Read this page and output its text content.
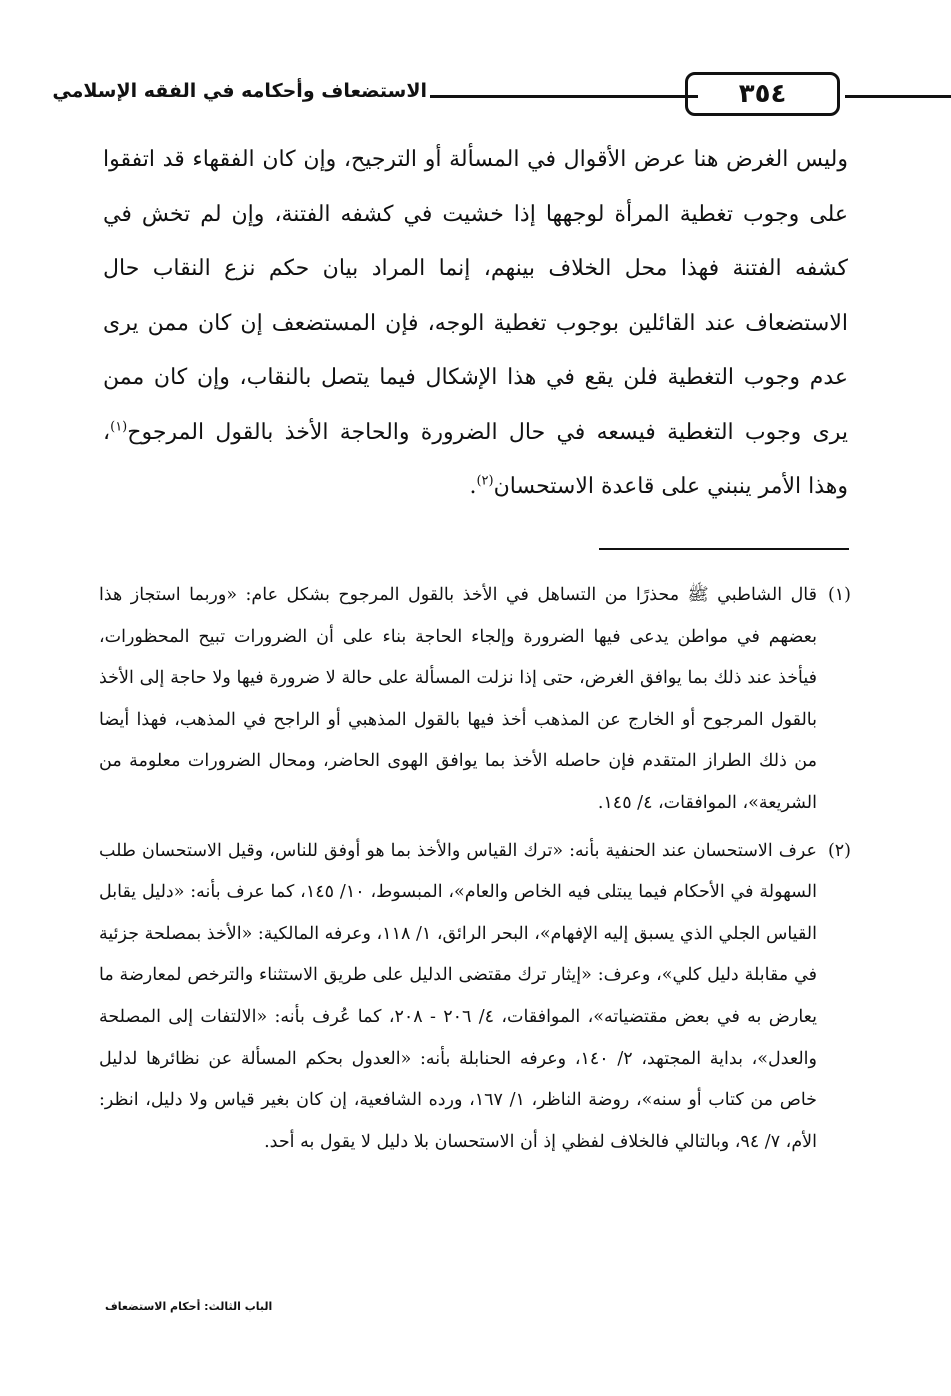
الاستضعاف وأحكامه في الفقه الإسلامي	٣٥٤

وليس الغرض هنا عرض الأقوال في المسألة أو الترجيح، وإن كان الفقهاء قد اتفقوا على وجوب تغطية المرأة لوجهها إذا خشيت في كشفه الفتنة، وإن لم تخش في كشفه الفتنة فهذا محل الخلاف بينهم، إنما المراد بيان حكم نزع النقاب حال الاستضعاف عند القائلين بوجوب تغطية الوجه، فإن المستضعف إن كان ممن يرى عدم وجوب التغطية فلن يقع في هذا الإشكال فيما يتصل بالنقاب، وإن كان ممن يرى وجوب التغطية فيسعه في حال الضرورة والحاجة الأخذ بالقول المرجوح$^{(١)}$، وهذا الأمر ينبني على قاعدة الاستحسان$^{(٢)}$.

(١)
قال الشاطبي ﷺ محذرًا من التساهل في الأخذ بالقول المرجوح بشكل عام: «وربما استجاز هذا بعضهم في مواطن يدعى فيها الضرورة وإلجاء الحاجة بناء على أن الضرورات تبيح المحظورات، فيأخذ عند ذلك بما يوافق الغرض، حتى إذا نزلت المسألة على حالة لا ضرورة فيها ولا حاجة إلى الأخذ بالقول المرجوح أو الخارج عن المذهب أخذ فيها بالقول المذهبي أو الراجح في المذهب، فهذا أيضا من ذلك الطراز المتقدم فإن حاصله الأخذ بما يوافق الهوى الحاضر، ومحال الضرورات معلومة من الشريعة»، الموافقات، ٤/ ١٤٥.
(٢)
عرف الاستحسان عند الحنفية بأنه: «ترك القياس والأخذ بما هو أوفق للناس، وقيل الاستحسان طلب السهولة في الأحكام فيما يبتلى فيه الخاص والعام»، المبسوط، ١٠/ ١٤٥، كما عرف بأنه: «دليل يقابل القياس الجلي الذي يسبق إليه الإفهام»، البحر الرائق، ١/ ١١٨، وعرفه المالكية: «الأخذ بمصلحة جزئية في مقابلة دليل كلي»، وعرف: «إيثار ترك مقتضى الدليل على طريق الاستثناء والترخص لمعارضة ما يعارض به في بعض مقتضياته»، الموافقات، ٤/ ٢٠٦ - ٢٠٨، كما عُرف بأنه: «الالتفات إلى المصلحة والعدل»، بداية المجتهد، ٢/ ١٤٠، وعرفه الحنابلة بأنه: «العدول بحكم المسألة عن نظائرها لدليل خاص من كتاب أو سنه»، روضة الناظر، ١/ ١٦٧، ورده الشافعية، إن كان بغير قياس ولا دليل، انظر: الأم، ٧/ ٩٤، وبالتالي فالخلاف لفظي إذ أن الاستحسان بلا دليل لا يقول به أحد.
الباب الثالث: أحكام الاستضعاف
